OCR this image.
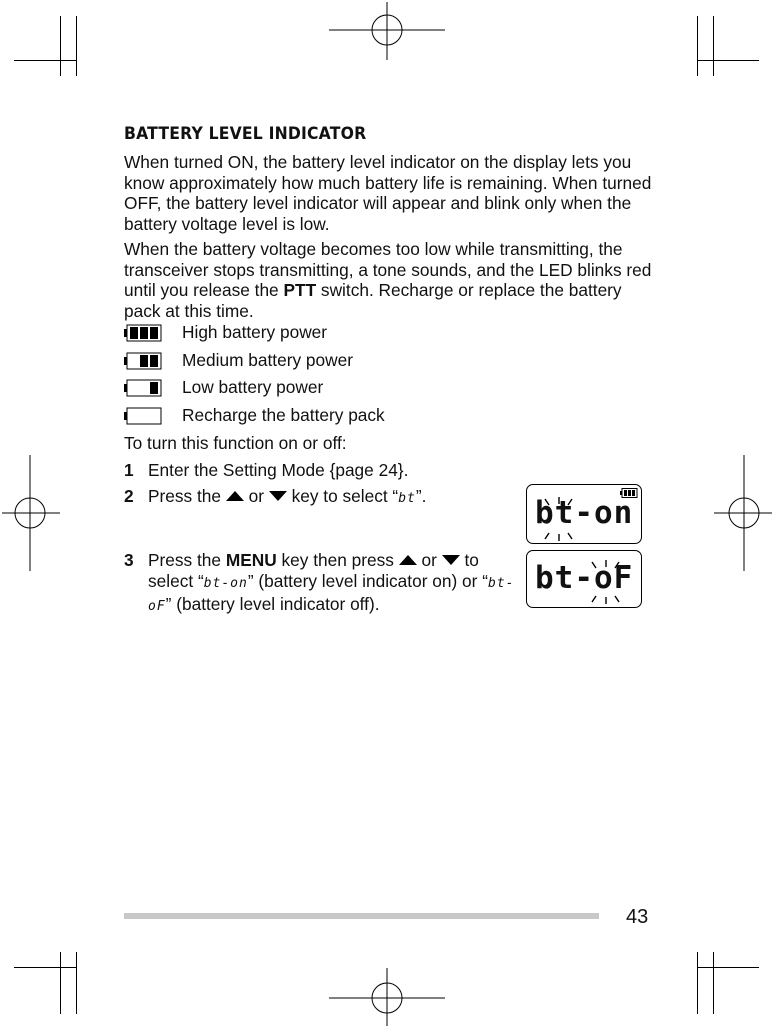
BATTERY LEVEL INDICATOR
When turned ON, the battery level indicator on the display lets you know approximately how much battery life is remaining. When turned OFF, the battery level indicator will appear and blink only when the battery voltage level is low.
When the battery voltage becomes too low while transmitting, the transceiver stops transmitting, a tone sounds, and the LED blinks red until you release the PTT switch. Recharge or replace the battery pack at this time.
High battery power
Medium battery power
Low battery power
Recharge the battery pack
To turn this function on or off:
1 Enter the Setting Mode {page 24}.
2 Press the  or  key to select “bt”.
3 Press the MENU key then press  or  to select “bt-on” (battery level indicator on) or “bt-oF” (battery level indicator off).
bt-on
bt-oF
43
